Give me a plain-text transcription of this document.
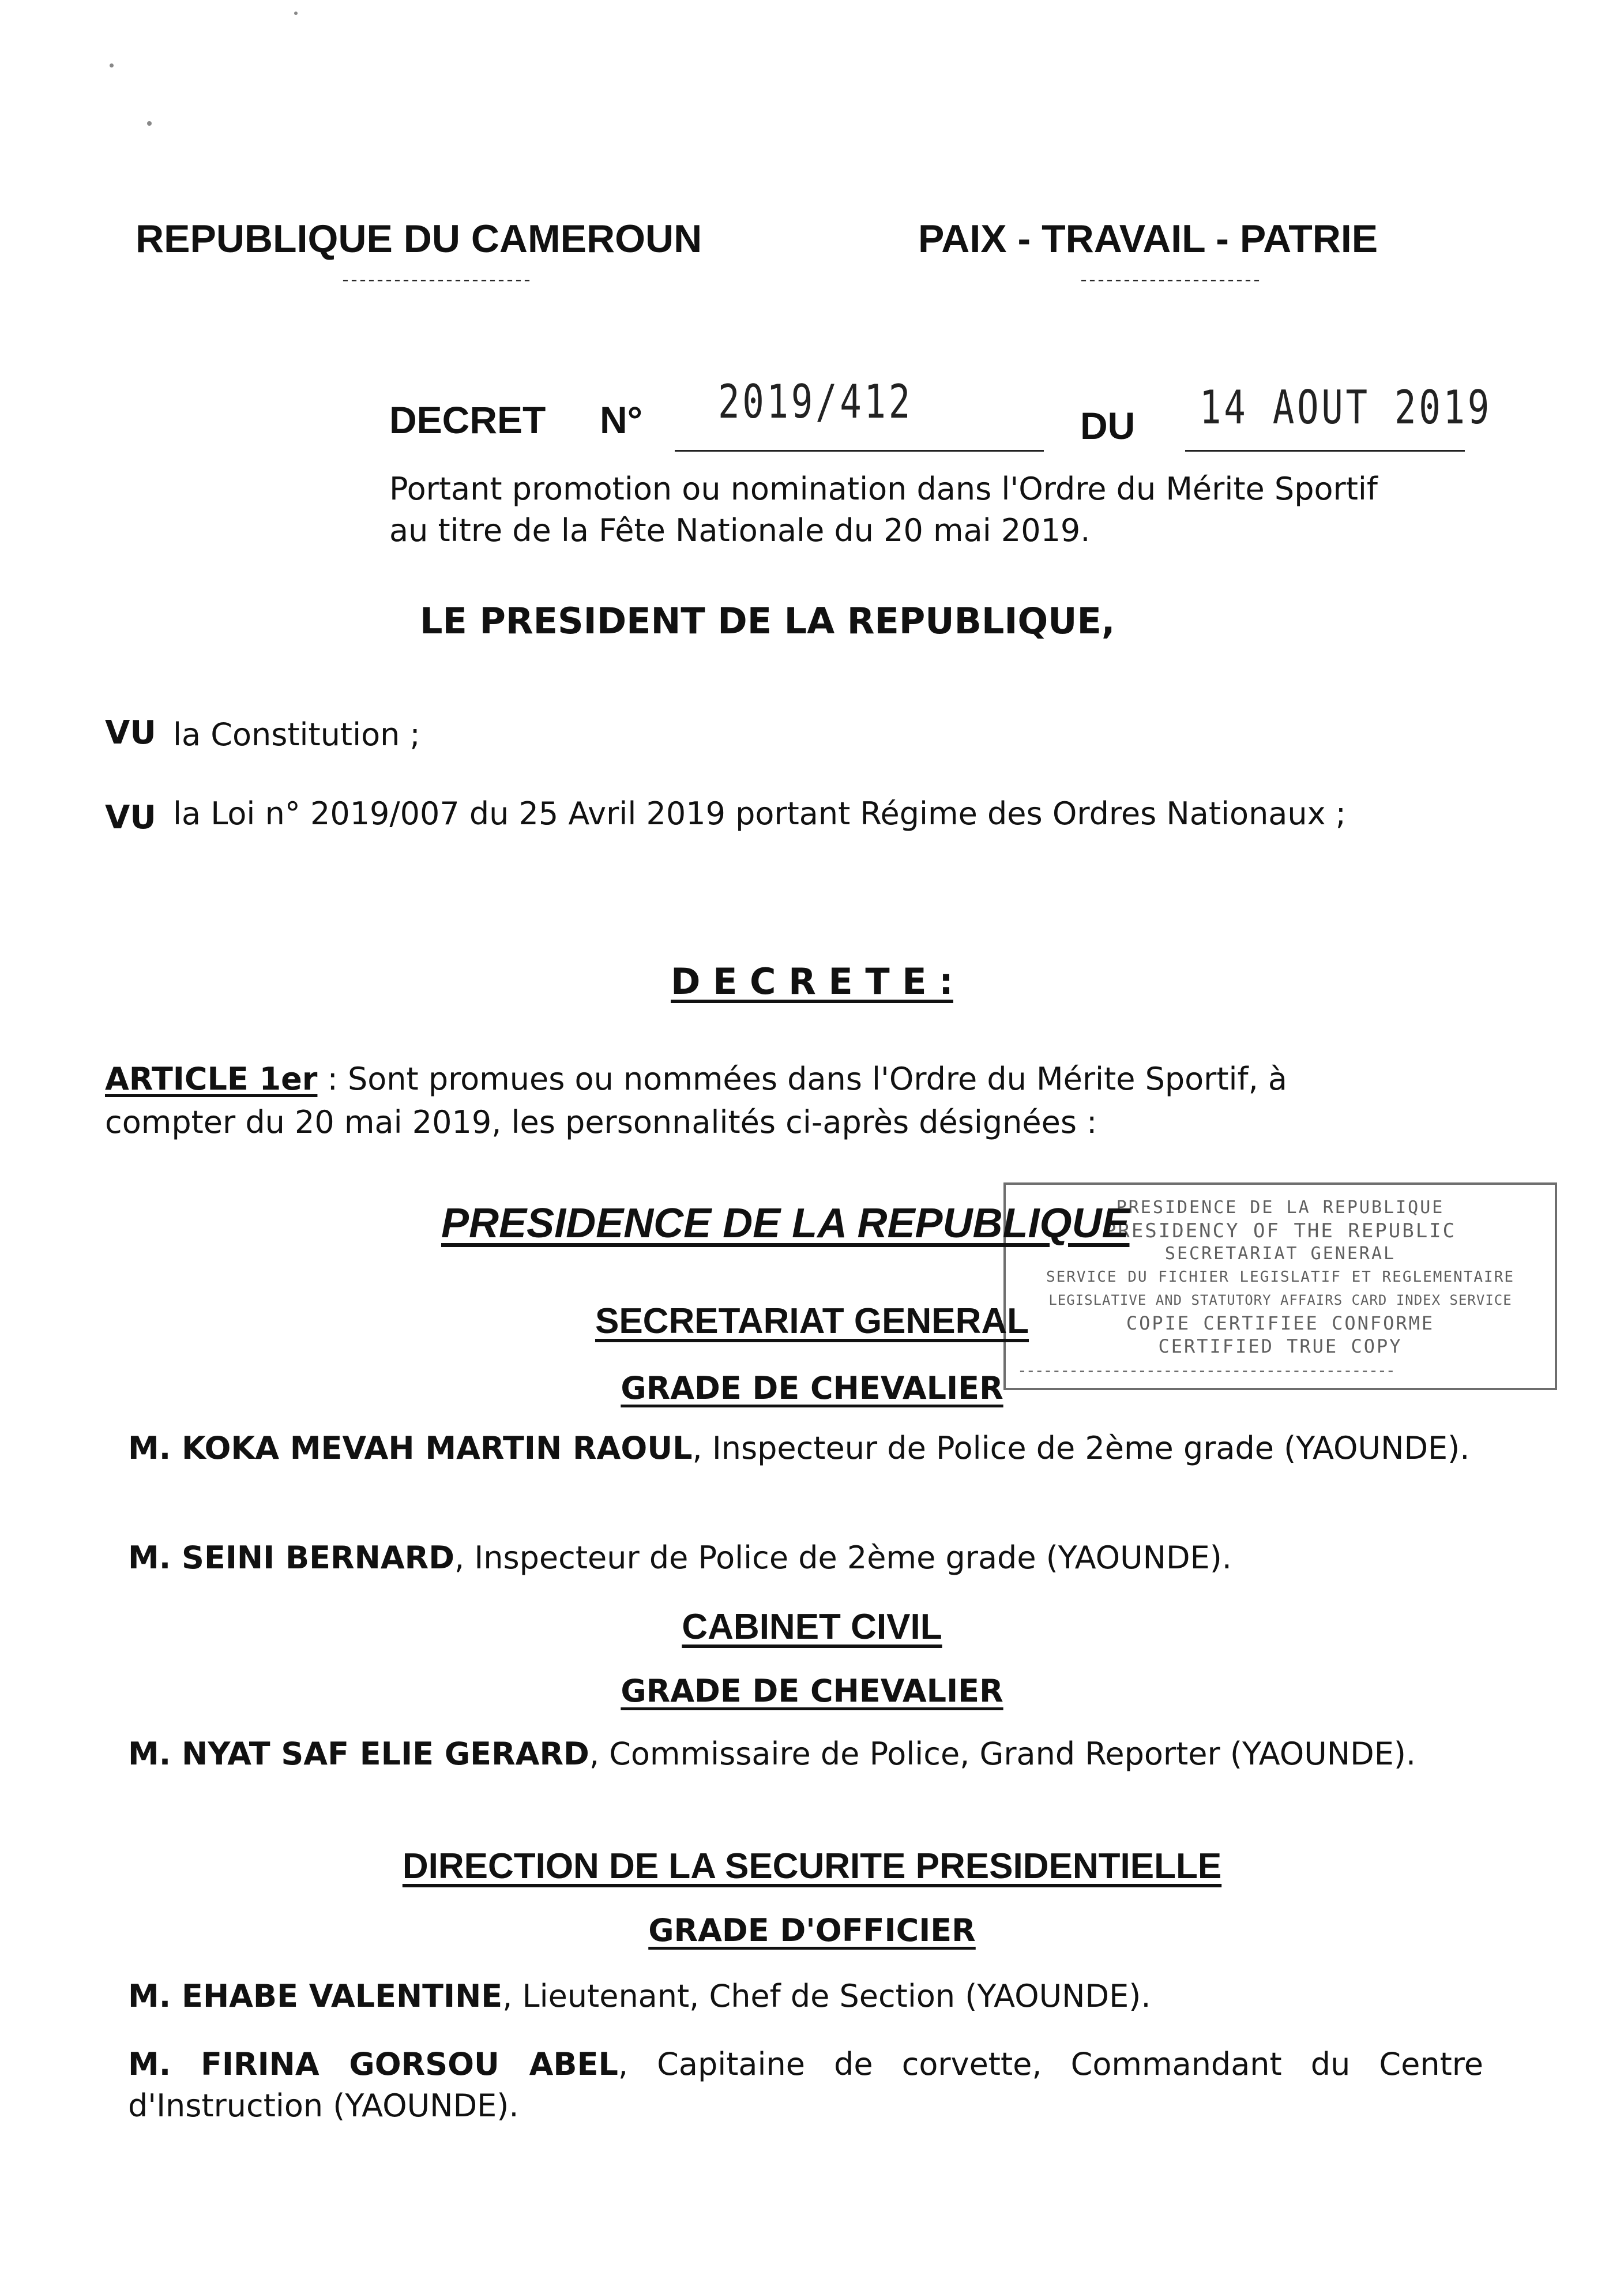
REPUBLIQUE DU CAMEROUN
----------------------
PAIX - TRAVAIL - PATRIE
---------------------
DECRET N° 2019/412	DU 14 AOUT 2019
Portant promotion ou nomination dans l'Ordre du Mérite Sportif
au titre de la Fête Nationale du 20 mai 2019.
LE PRESIDENT DE LA REPUBLIQUE,
VU la Constitution ;
VU la Loi n° 2019/007 du 25 Avril 2019 portant Régime des Ordres Nationaux ;
D E C R E T E :
ARTICLE 1er : Sont promues ou nommées dans l'Ordre du Mérite Sportif, à
compter du 20 mai 2019, les personnalités ci-après désignées :
PRESIDENCE DE LA REPUBLIQUE
PRESIDENCY OF THE REPUBLIC
SECRETARIAT GENERAL
SERVICE DU FICHIER LEGISLATIF ET REGLEMENTAIRE
LEGISLATIVE AND STATUTORY AFFAIRS CARD INDEX SERVICE
COPIE CERTIFIEE CONFORME
CERTIFIED TRUE COPY
--------------------------------------------
PRESIDENCE DE LA REPUBLIQUE
SECRETARIAT GENERAL
GRADE DE CHEVALIER
M. KOKA MEVAH MARTIN RAOUL, Inspecteur de Police de 2ème grade (YAOUNDE).
M. SEINI BERNARD, Inspecteur de Police de 2ème grade (YAOUNDE).
CABINET CIVIL
GRADE DE CHEVALIER
M. NYAT SAF ELIE GERARD, Commissaire de Police, Grand Reporter (YAOUNDE).
DIRECTION DE LA SECURITE PRESIDENTIELLE
GRADE D'OFFICIER
M. EHABE VALENTINE, Lieutenant, Chef de Section (YAOUNDE).
M. FIRINA GORSOU ABEL, Capitaine de corvette, Commandant du Centre d'Instruction (YAOUNDE).
